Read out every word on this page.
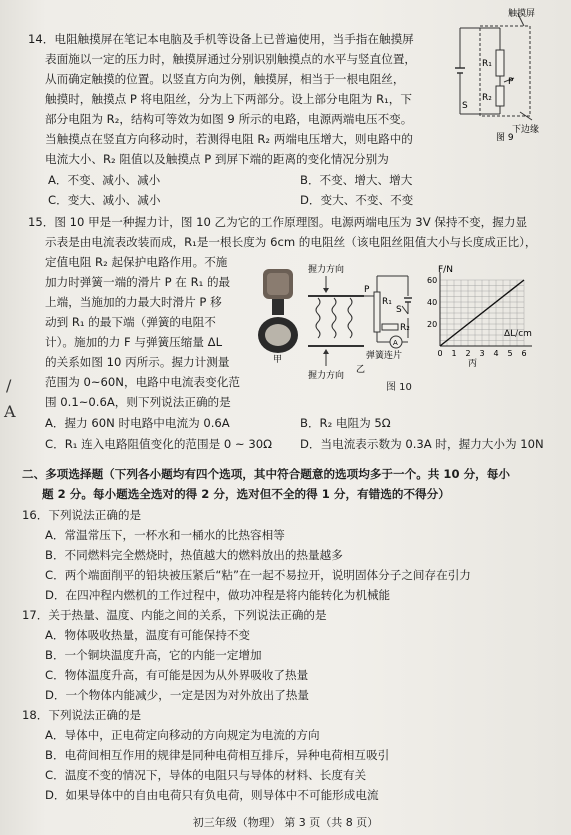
/
A
14．电阻触摸屏在笔记本电脑及手机等设备上已普遍使用，当手指在触摸屏
表面施以一定的压力时，触摸屏通过分别识别触摸点的水平与竖直位置，
从而确定触摸的位置。以竖直方向为例，触摸屏，相当于一根电阻丝，
触摸时，触摸点 P 将电阻丝，分为上下两部分。设上部分电阻为 R₁，下
部分电阻为 R₂，结构可等效为如图 9 所示的电路，电源两端电压不变。
当触摸点在竖直方向移动时，若测得电阻 R₂ 两端电压增大，则电路中的
电流大小、R₂ 阻值以及触摸点 P 到屏下端的距离的变化情况分别为
A．不变、减小、减小	B．不变、增大、增大
C．变大、减小、减小	D．变大、不变、不变
触摸屏
下边缘
R₁
R₂
P
S
图 9
15．图 10 甲是一种握力计，图 10 乙为它的工作原理图。电源两端电压为 3V 保持不变，握力显
示表是由电流表改装而成，R₁是一根长度为 6cm 的电阻丝（该电阻丝阻值大小与长度成正比），
定值电阻 R₂ 起保护电路作用。不施
加力时弹簧一端的滑片 P 在 R₁ 的最
上端，当施加的力最大时滑片 P 移
动到 R₁ 的最下端（弹簧的电阻不
计）。施加的力 F 与弹簧压缩量 ΔL
的关系如图 10 丙所示。握力计测量
范围为 0~60N，电路中电流表变化范
围 0.1~0.6A，则下列说法正确的是
A．握力 60N 时电路中电流为 0.6A	B．R₂ 电阻为 5Ω
C．R₁ 连入电路阻值变化的范围是 0 ~ 30Ω D．当电流表示数为 0.3A 时，握力大小为 10N
甲
握力方向
握力方向
P
R₁
S
A
R₂
弹簧连片
乙
F/N
ΔL/cm
丙
0 1 2 3 4 5 6
20
40
60
图 10
二、多项选择题（下列各小题均有四个选项，其中符合题意的选项均多于一个。共 10 分，每小
题 2 分。每小题选全选对的得 2 分，选对但不全的得 1 分，有错选的不得分）
16．下列说法正确的是
A．常温常压下，一杯水和一桶水的比热容相等
B．不同燃料完全燃烧时，热值越大的燃料放出的热量越多
C．两个端面削平的铅块被压紧后“粘”在一起不易拉开，说明固体分子之间存在引力
D．在四冲程内燃机的工作过程中，做功冲程是将内能转化为机械能
17．关于热量、温度、内能之间的关系，下列说法正确的是
A．物体吸收热量，温度有可能保持不变
B．一个铜块温度升高，它的内能一定增加
C．物体温度升高，有可能是因为从外界吸收了热量
D．一个物体内能减少，一定是因为对外放出了热量
18．下列说法正确的是
A．导体中，正电荷定向移动的方向规定为电流的方向
B．电荷间相互作用的规律是同种电荷相互排斥，异种电荷相互吸引
C．温度不变的情况下，导体的电阻只与导体的材料、长度有关
D．如果导体中的自由电荷只有负电荷，则导体中不可能形成电流
初三年级（物理） 第 3 页（共 8 页）
